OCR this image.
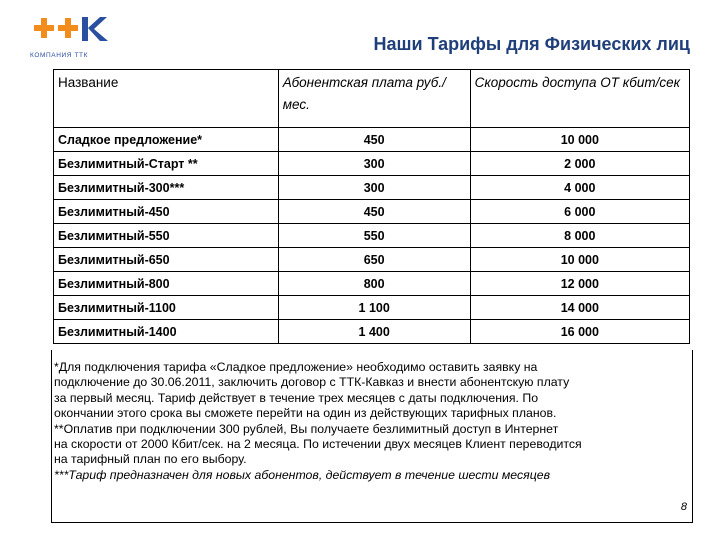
КОМПАНИЯ ТТК
Наши Тарифы для Физических лиц
Название	Абонентская плата руб./мес.	Скорость доступа ОТ кбит/сек
Сладкое предложение*	450	10 000
Безлимитный-Старт **	300	2 000
Безлимитный-300***	300	4 000
Безлимитный-450	450	6 000
Безлимитный-550	550	8 000
Безлимитный-650	650	10 000
Безлимитный-800	800	12 000
Безлимитный-1100	1 100	14 000
Безлимитный-1400	1 400	16 000

*Для подключения тарифа «Сладкое предложение» необходимо оставить заявку на

подключение до 30.06.2011, заключить договор с ТТК-Кавказ и внести абонентскую плату

за первый месяц. Тариф действует в течение трех месяцев с даты подключения. По

окончании этого срока вы сможете перейти на один из действующих тарифных планов.

**Оплатив при подключении 300 рублей, Вы получаете безлимитный доступ в Интернет

на скорости от 2000 Кбит/сек. на 2 месяца. По истечении двух месяцев Клиент переводится

на тарифный план по его выбору.

***Тариф предназначен для новых абонентов, действует в течение шести месяцев

8
